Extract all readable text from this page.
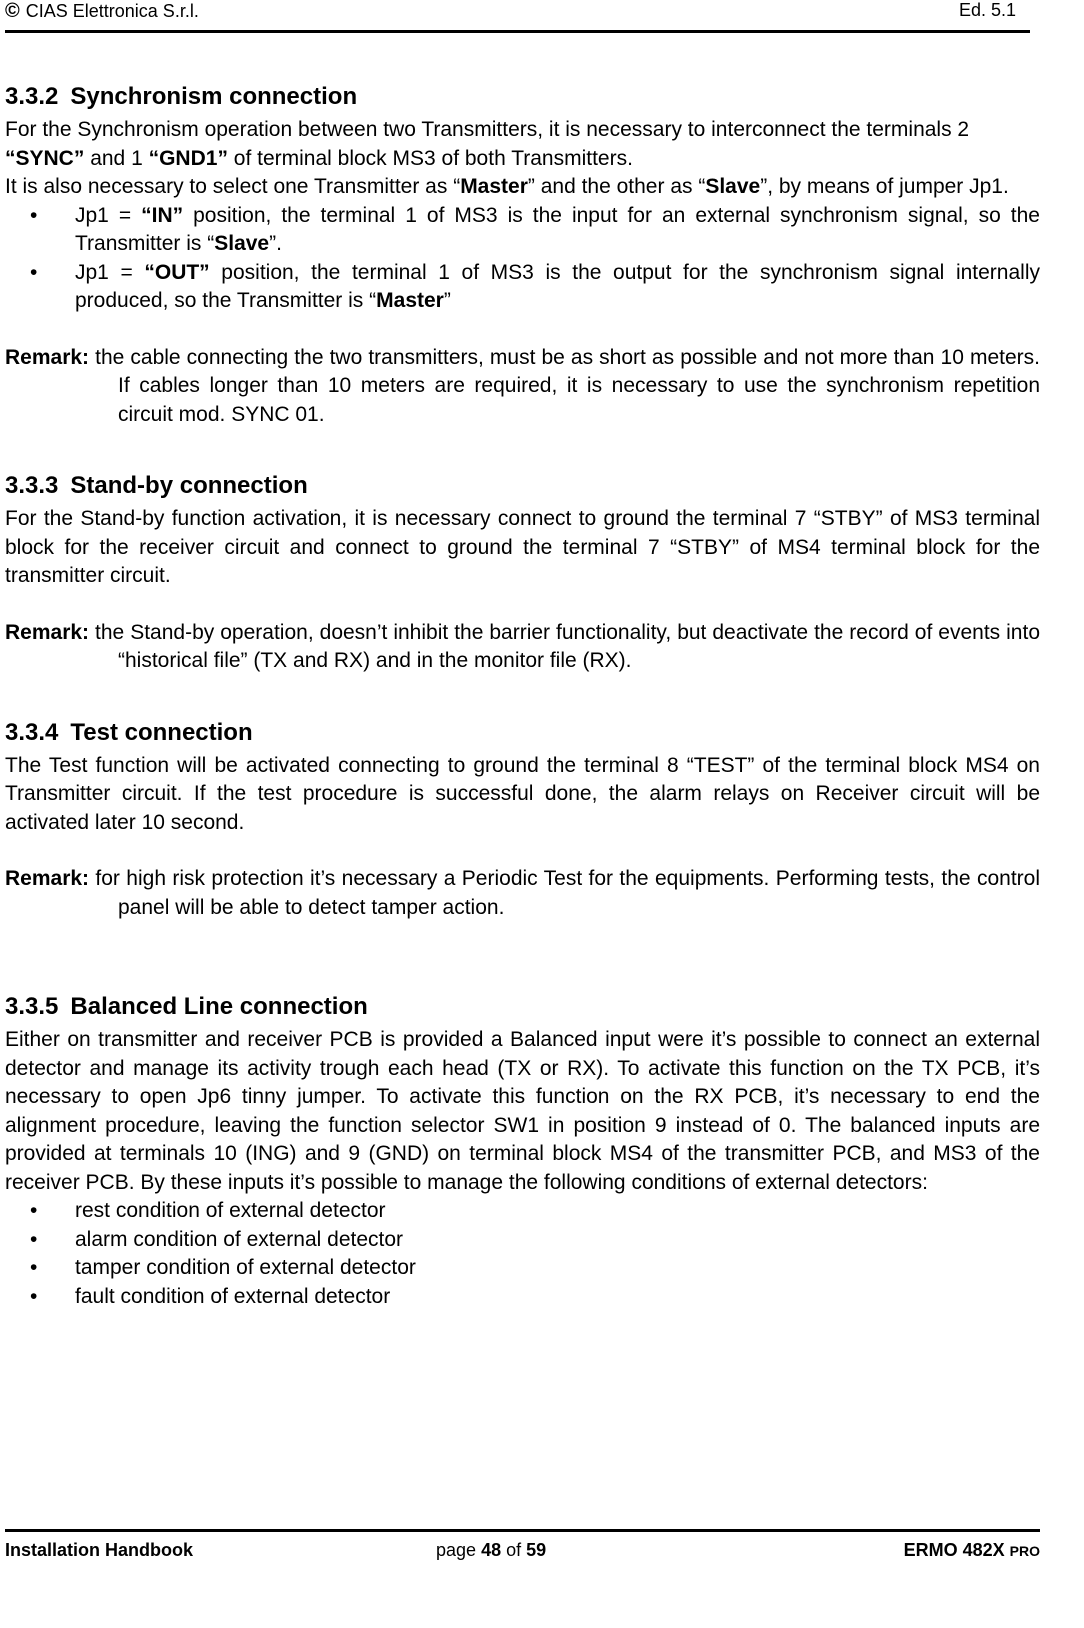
© CIAS Elettronica S.r.l.	Ed. 5.1
3.3.2 Synchronism connection

For the Synchronism operation between two Transmitters, it is necessary to interconnect the terminals 2 “SYNC” and 1 “GND1” of terminal block MS3 of both Transmitters.

It is also necessary to select one Transmitter as “Master” and the other as “Slave”, by means of jumper Jp1.

• Jp1 = “IN” position, the terminal 1 of MS3 is the input for an external synchronism signal, so the Transmitter is “Slave”.
• Jp1 = “OUT” position, the terminal 1 of MS3 is the output for the synchronism signal internally produced, so the Transmitter is “Master”

Remark: the cable connecting the two transmitters, must be as short as possible and not more than 10 meters. If cables longer than 10 meters are required, it is necessary to use the synchronism repetition circuit mod. SYNC 01.

3.3.3 Stand-by connection

For the Stand-by function activation, it is necessary connect to ground the terminal 7 “STBY” of MS3 terminal block for the receiver circuit and connect to ground the terminal 7 “STBY” of MS4 terminal block for the transmitter circuit.

Remark: the Stand-by operation, doesn’t inhibit the barrier functionality, but deactivate the record of events into “historical file” (TX and RX) and in the monitor file (RX).

3.3.4 Test connection

The Test function will be activated connecting to ground the terminal 8 “TEST” of the terminal block MS4 on Transmitter circuit. If the test procedure is successful done, the alarm relays on Receiver circuit will be activated later 10 second.

Remark: for high risk protection it’s necessary a Periodic Test for the equipments. Performing tests, the control panel will be able to detect tamper action.

3.3.5 Balanced Line connection

Either on transmitter and receiver PCB is provided a Balanced input were it’s possible to connect an external detector and manage its activity trough each head (TX or RX). To activate this function on the TX PCB, it’s necessary to open Jp6 tinny jumper. To activate this function on the RX PCB, it’s necessary to end the alignment procedure, leaving the function selector SW1 in position 9 instead of 0. The balanced inputs are provided at terminals 10 (ING) and 9 (GND) on terminal block MS4 of the transmitter PCB, and MS3 of the receiver PCB. By these inputs it’s possible to manage the following conditions of external detectors:

• rest condition of external detector
• alarm condition of external detector
• tamper condition of external detector
• fault condition of external detector
Installation Handbook	page 48 of 59	ERMO 482X PRO
